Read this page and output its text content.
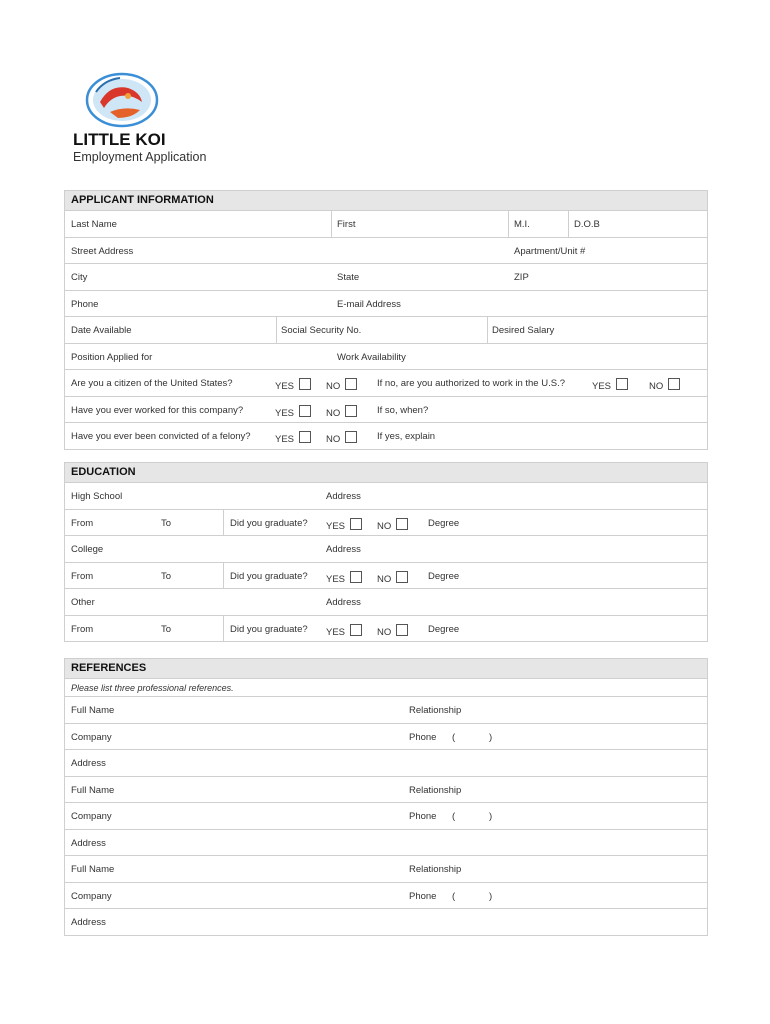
LITTLE KOI
Employment Application
APPLICANT INFORMATION
Last Name	First	M.I.	D.O.B
Street Address	Apartment/Unit #
City	State	ZIP
Phone	E-mail Address
Date Available	Social Security No.	Desired Salary
Position Applied for	Work Availability
Are you a citizen of the United States?	YES	NO	If no, are you authorized to work in the U.S.?	YES	NO
Have you ever worked for this company?	YES	NO	If so, when?
Have you ever been convicted of a felony?	YES	NO	If yes, explain
EDUCATION
High School	Address
From	To	Did you graduate? YES	NO	Degree
College	Address
From	To	Did you graduate? YES	NO	Degree
Other	Address
From	To	Did you graduate? YES	NO	Degree
REFERENCES
Please list three professional references.
Full Name	Relationship
Company	Phone (	)
Address
Full Name	Relationship
Company	Phone (	)
Address
Full Name	Relationship
Company	Phone (	)
Address
